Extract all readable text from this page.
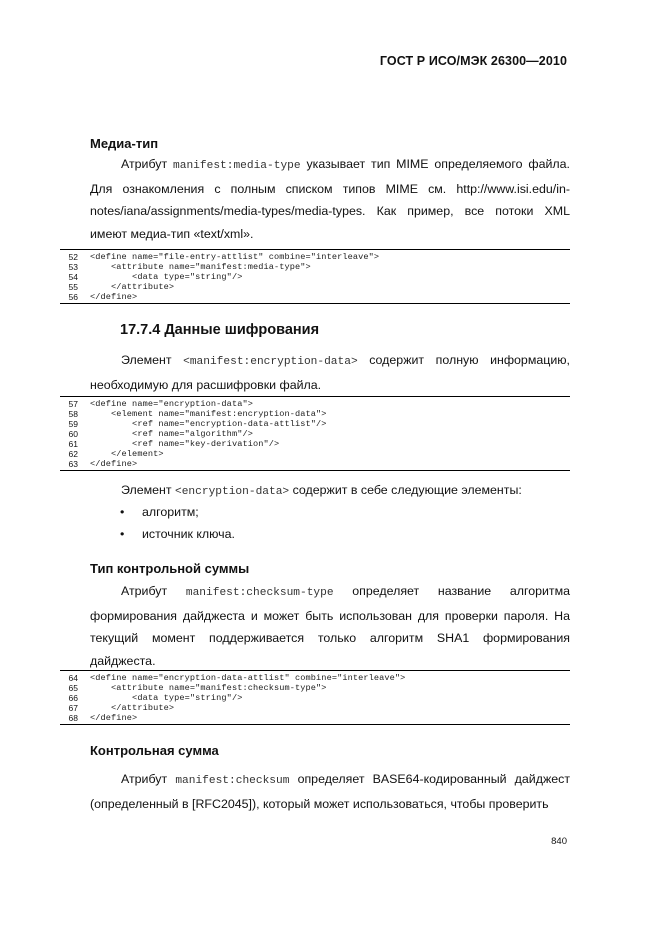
ГОСТ Р ИСО/МЭК 26300—2010
Медиа-тип

Атрибут manifest:media-type указывает тип MIME определяемого файла. Для ознакомления с полным списком типов MIME см. http://www.isi.edu/in-notes/iana/assignments/media-types/media-types. Как пример, все потоки XML имеют медиа-тип «text/xml».

52 <define name="file-entry-attlist" combine="interleave">
53 <attribute name="manifest:media-type">
54 <data type="string"/>
55 </attribute>
56 </define>
17.7.4 Данные шифрования

Элемент <manifest:encryption-data> содержит полную информацию, необходимую для расшифровки файла.

57 <define name="encryption-data">
58 <element name="manifest:encryption-data">
59 <ref name="encryption-data-attlist"/>
60 <ref name="algorithm"/>
61 <ref name="key-derivation"/>
62 </element>
63 </define>

Элемент <encryption-data> содержит в себе следующие элементы:

•	алгоритм;
•	источник ключа.
Тип контрольной суммы

Атрибут manifest:checksum-type определяет название алгоритма формирования дайджеста и может быть использован для проверки пароля. На текущий момент поддерживается только алгоритм SHA1 формирования дайджеста.

64 <define name="encryption-data-attlist" combine="interleave">
65 <attribute name="manifest:checksum-type">
66 <data type="string"/>
67 </attribute>
68 </define>
Контрольная сумма

Атрибут manifest:checksum определяет BASE64-кодированный дайджест (определенный в [RFC2045]), который может использоваться, чтобы проверить

840
